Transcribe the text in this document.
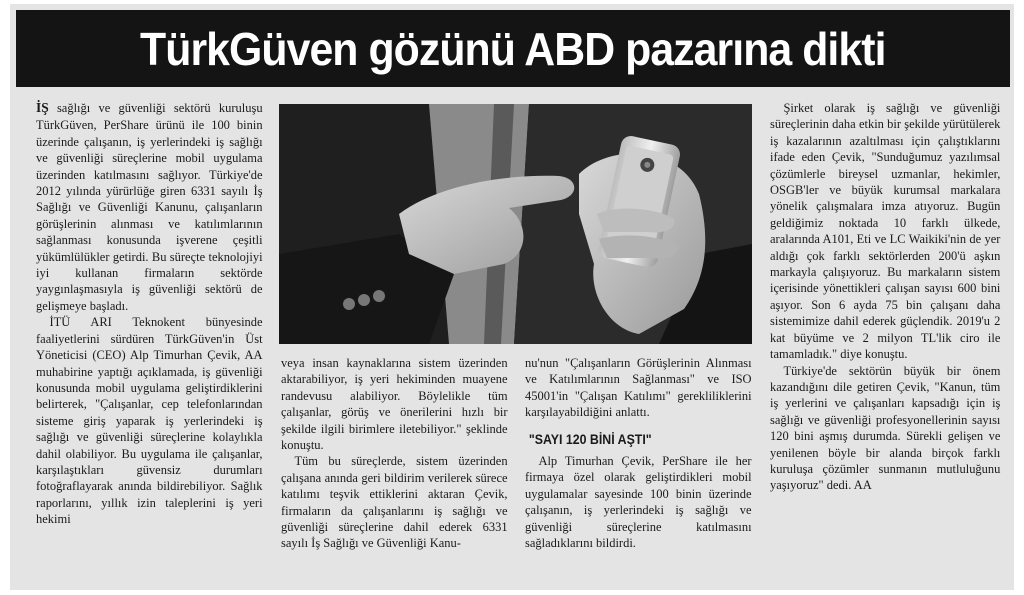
TürkGüven gözünü ABD pazarına dikti

İŞ sağlığı ve güvenliği sektörü kuruluşu TürkGüven, PerShare ürünü ile 100 binin üzerinde çalışanın, iş yerlerindeki iş sağlığı ve güvenliği süreçlerine mobil uygulama üzerinden katılmasını sağlıyor. Türkiye'de 2012 yılında yürürlüğe giren 6331 sayılı İş Sağlığı ve Güvenliği Kanunu, çalışanların görüşlerinin alınması ve katılımlarının sağlanması konusunda işverene çeşitli yükümlülükler getirdi. Bu süreçte teknolojiyi iyi kullanan firmaların sektörde yaygınlaşmasıyla iş güvenliği sektörü de gelişmeye başladı.

İTÜ ARI Teknokent bünyesinde faaliyetlerini sürdüren TürkGüven'in Üst Yöneticisi (CEO) Alp Timurhan Çevik, AA muhabirine yaptığı açıklamada, iş güvenliği konusunda mobil uygulama geliştirdiklerini belirterek, "Çalışanlar, cep telefonlarından sisteme giriş yaparak iş yerlerindeki iş sağlığı ve güvenliği süreçlerine kolaylıkla dahil olabiliyor. Bu uygulama ile çalışanlar, karşılaştıkları güvensiz durumları fotoğraflayarak anında bildirebiliyor. Sağlık raporlarını, yıllık izin taleplerini iş yeri hekimi

veya insan kaynaklarına sistem üzerinden aktarabiliyor, iş yeri hekiminden muayene randevusu alabiliyor. Böylelikle tüm çalışanlar, görüş ve önerilerini hızlı bir şekilde ilgili birimlere iletebiliyor." şeklinde konuştu.

Tüm bu süreçlerde, sistem üzerinden çalışana anında geri bildirim verilerek sürece katılımı teşvik ettiklerini aktaran Çevik, firmaların da çalışanlarını iş sağlığı ve güvenliği süreçlerine dahil ederek 6331 sayılı İş Sağlığı ve Güvenliği Kanu-

nu'nun "Çalışanların Görüşlerinin Alınması ve Katılımlarının Sağlanması" ve ISO 45001'in "Çalışan Katılımı" gerekliliklerini karşılayabildiğini anlattı.

"SAYI 120 BİNİ AŞTI"

Alp Timurhan Çevik, PerShare ile her firmaya özel olarak geliştirdikleri mobil uygulamalar sayesinde 100 binin üzerinde çalışanın, iş yerlerindeki iş sağlığı ve güvenliği süreçlerine katılmasını sağladıklarını bildirdi.

Şirket olarak iş sağlığı ve güvenliği süreçlerinin daha etkin bir şekilde yürütülerek iş kazalarının azaltılması için çalıştıklarını ifade eden Çevik, "Sunduğumuz yazılımsal çözümlerle bireysel uzmanlar, hekimler, OSGB'ler ve büyük kurumsal markalara yönelik çalışmalara imza atıyoruz. Bugün geldiğimiz noktada 10 farklı ülkede, aralarında A101, Eti ve LC Waikiki'nin de yer aldığı çok farklı sektörlerden 200'ü aşkın markayla çalışıyoruz. Bu markaların sistem içerisinde yönettikleri çalışan sayısı 600 bini aşıyor. Son 6 ayda 75 bin çalışanı daha sistemimize dahil ederek güçlendik. 2019'u 2 kat büyüme ve 2 milyon TL'lik ciro ile tamamladık." diye konuştu.

Türkiye'de sektörün büyük bir önem kazandığını dile getiren Çevik, "Kanun, tüm iş yerlerini ve çalışanları kapsadığı için iş sağlığı ve güvenliği profesyonellerinin sayısı 120 bini aşmış durumda. Sürekli gelişen ve yenilenen böyle bir alanda birçok farklı kuruluşa çözümler sunmanın mutluluğunu yaşıyoruz" dedi. AA
